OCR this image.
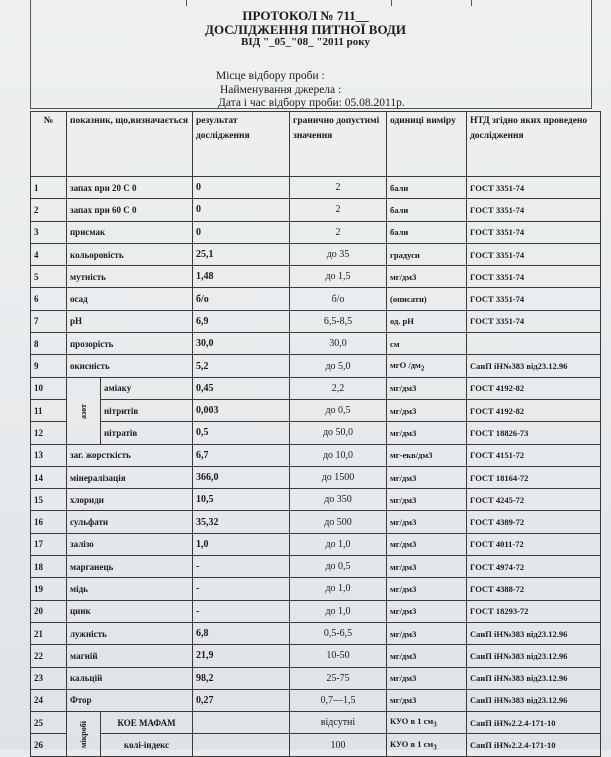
ПРОТОКОЛ № 711__
ДОСЛІДЖЕННЯ ПИТНОЇ ВОДИ
ВІД "_05_"08_ "2011 року
Місце відбору проби :
Найменування джерела :
Дата і час відбору проби: 05.08.2011р.
№	показник, що,визначається		результат дослідження	гранично допустимі значення	одиниці виміру	НТД згідно яких проведено дослідження
1	запах при 20 С 0		0	2	бали	ГОСТ 3351-74
2	запах при 60 С 0		0	2	бали	ГОСТ 3351-74
3	присмак		0	2	бали	ГОСТ 3351-74
4	кольоровість		25,1	до 35	градуси	ГОСТ 3351-74
5	мутність		1,48	до 1,5	мг/дм3	ГОСТ 3351-74
6	осад		б/о	б/о	(описати)	ГОСТ 3351-74
7	pH		6,9	6,5-8,5	од. pH	ГОСТ 3351-74
8	прозорість		30,0	30,0	см	
9	окисність		5,2	до 5,0	мгО $/дм_2$	СанП іН№383 від23.12.96
10	азот	аміаку	0,45	2,2	мг/дм3	ГОСТ 4192-82
11		нітритів	0,003	до 0,5	мг/дм3	ГОСТ 4192-82
12		нітратів	0,5	до 50,0	мг/дм3	ГОСТ 18826-73
13	заг. жорсткість		6,7	до 10,0	мг-екв/дм3	ГОСТ 4151-72
14	мінералізація		366,0	до 1500	мг/дм3	ГОСТ 18164-72
15	хлориди		10,5	до 350	мг/дм3	ГОСТ 4245-72
16	сульфати		35,32	до 500	мг/дм3	ГОСТ 4389-72
17	залізо		1,0	до 1,0	мг/дм3	ГОСТ 4011-72
18	марганець		-	до 0,5	мг/дм3	ГОСТ 4974-72
19	мідь		-	до 1,0	мг/дм3	ГОСТ 4388-72
20	цинк		-	до 1,0	мг/дм3	ГОСТ 18293-72
21	лужність		6,8	0,5-6,5	мг/дм3	СанП іН№383 від23.12.96
22	магній		21,9	10-50	мг/дм3	СанП іН№383 від23.12.96
23	кальцій		98,2	25-75	мг/дм3	СанП іН№383 від23.12.96
24	Фтор		0,27	0,7—1,5	мг/дм3	СанП іН№383 від23.12.96
25	мікробі	КОЕ МАФАМ		відсутні	КУО в 1 $см_3$	СанП іН№2.2.4-171-10
26		колі-індекс		100	КУО в 1 $см_3$	СанП іН№2.2.4-171-10
